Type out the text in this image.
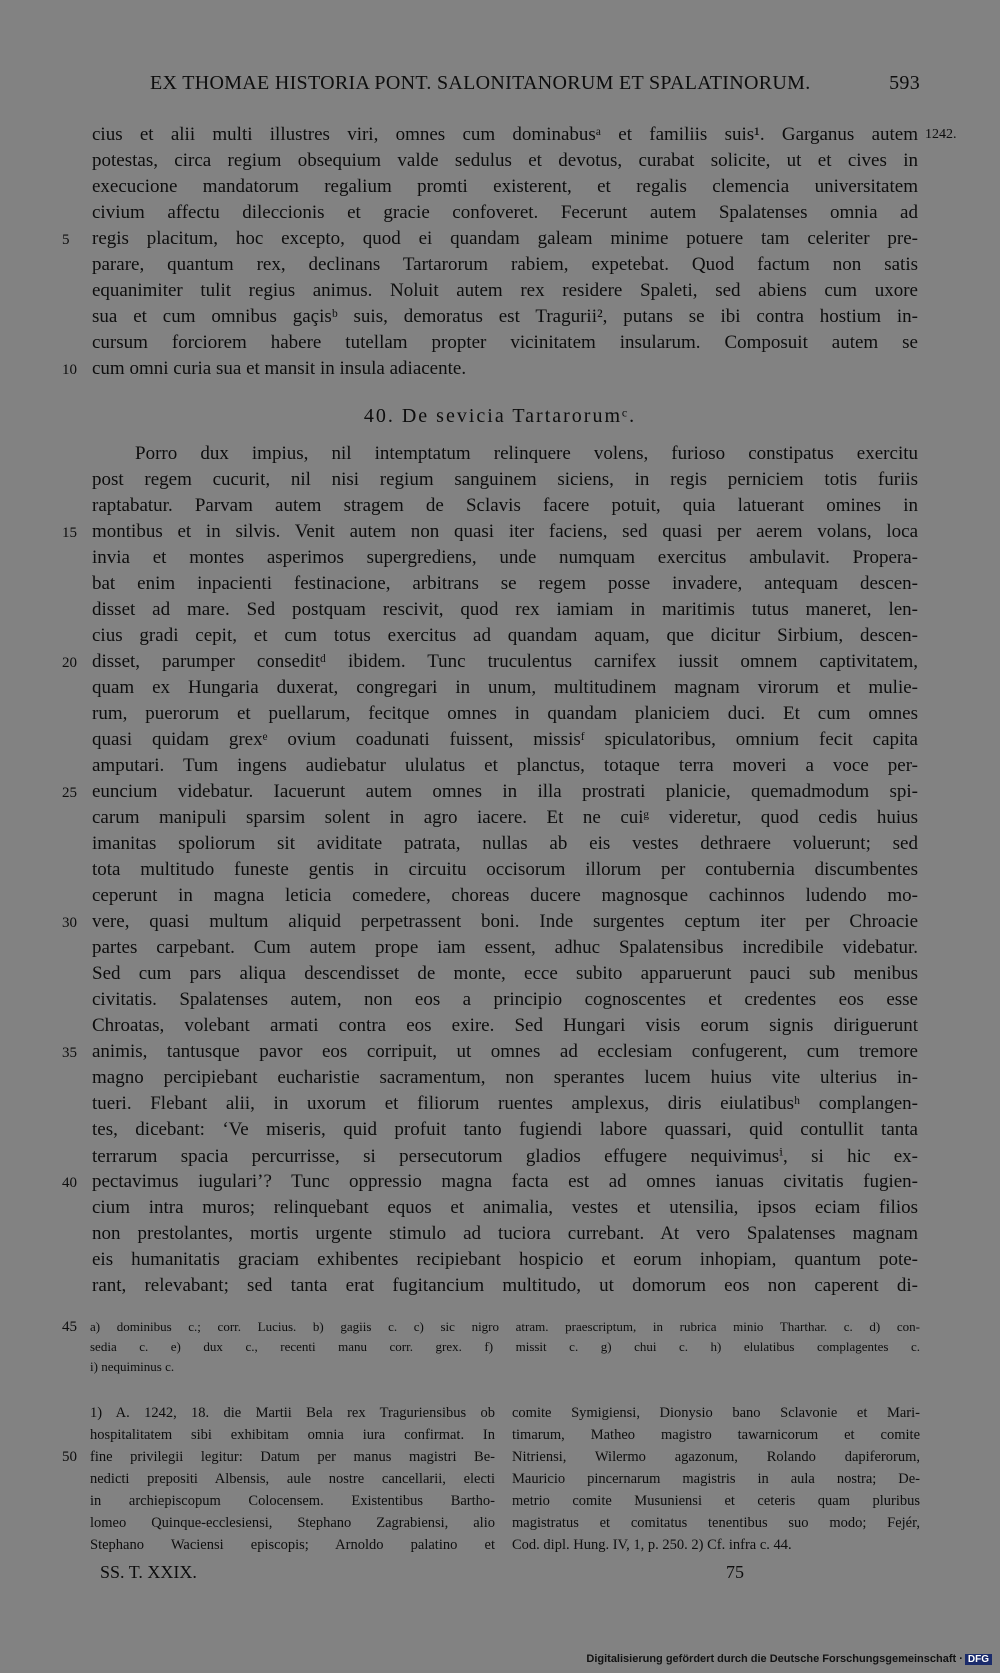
EX THOMAE HISTORIA PONT. SALONITANORUM ET SPALATINORUM.	593
1242.
cius et alii multi illustres viri, omnes cum dominabusᵃ et familiis suis¹. Garganus autem
potestas, circa regium obsequium valde sedulus et devotus, curabat solicite, ut et cives in
execucione mandatorum regalium promti existerent, et regalis clemencia universitatem
civium affectu dileccionis et gracie confoveret. Fecerunt autem Spalatenses omnia ad
regis placitum, hoc excepto, quod ei quandam galeam minime potuere tam celeriter pre-
parare, quantum rex, declinans Tartarorum rabiem, expetebat. Quod factum non satis
equanimiter tulit regius animus. Noluit autem rex residere Spaleti, sed abiens cum uxore
sua et cum omnibus gaçisᵇ suis, demoratus est Tragurii², putans se ibi contra hostium in-
cursum forciorem habere tutellam propter vicinitatem insularum. Composuit autem se
cum omni curia sua et mansit in insula adiacente.
40. De sevicia Tartarorumᶜ.
Porro dux impius, nil intemptatum relinquere volens, furioso constipatus exercitu
post regem cucurit, nil nisi regium sanguinem siciens, in regis perniciem totis furiis
raptabatur. Parvam autem stragem de Sclavis facere potuit, quia latuerant omines in
montibus et in silvis. Venit autem non quasi iter faciens, sed quasi per aerem volans, loca
invia et montes asperimos supergrediens, unde numquam exercitus ambulavit. Propera-
bat enim inpacienti festinacione, arbitrans se regem posse invadere, antequam descen-
disset ad mare. Sed postquam rescivit, quod rex iamiam in maritimis tutus maneret, len-
cius gradi cepit, et cum totus exercitus ad quandam aquam, que dicitur Sirbium, descen-
disset, parumper conseditᵈ ibidem. Tunc truculentus carnifex iussit omnem captivitatem,
quam ex Hungaria duxerat, congregari in unum, multitudinem magnam virorum et mulie-
rum, puerorum et puellarum, fecitque omnes in quandam planiciem duci. Et cum omnes
quasi quidam grexᵉ ovium coadunati fuissent, missisᶠ spiculatoribus, omnium fecit capita
amputari. Tum ingens audiebatur ululatus et planctus, totaque terra moveri a voce per-
euncium videbatur. Iacuerunt autem omnes in illa prostrati planicie, quemadmodum spi-
carum manipuli sparsim solent in agro iacere. Et ne cuiᵍ videretur, quod cedis huius
imanitas spoliorum sit aviditate patrata, nullas ab eis vestes dethraere voluerunt; sed
tota multitudo funeste gentis in circuitu occisorum illorum per contubernia discumbentes
ceperunt in magna leticia comedere, choreas ducere magnosque cachinnos ludendo mo-
vere, quasi multum aliquid perpetrassent boni. Inde surgentes ceptum iter per Chroacie
partes carpebant. Cum autem prope iam essent, adhuc Spalatensibus incredibile videbatur.
Sed cum pars aliqua descendisset de monte, ecce subito apparuerunt pauci sub menibus
civitatis. Spalatenses autem, non eos a principio cognoscentes et credentes eos esse
Chroatas, volebant armati contra eos exire. Sed Hungari visis eorum signis diriguerunt
animis, tantusque pavor eos corripuit, ut omnes ad ecclesiam confugerent, cum tremore
magno percipiebant eucharistie sacramentum, non sperantes lucem huius vite ulterius in-
tueri. Flebant alii, in uxorum et filiorum ruentes amplexus, diris eiulatibusʰ complangen-
tes, dicebant: ‘Ve miseris, quid profuit tanto fugiendi labore quassari, quid contullit tanta
terrarum spacia percurrisse, si persecutorum gladios effugere nequivimusⁱ, si hic ex-
pectavimus iugulari’? Tunc oppressio magna facta est ad omnes ianuas civitatis fugien-
cium intra muros; relinquebant equos et animalia, vestes et utensilia, ipsos eciam filios
non prestolantes, mortis urgente stimulo ad tuciora currebant. At vero Spalatenses magnam
eis humanitatis graciam exhibentes recipiebant hospicio et eorum inhopiam, quantum pote-
rant, relevabant; sed tanta erat fugitancium multitudo, ut domorum eos non caperent di-
5
10
15
20
25
30
35
40
45
50
a) dominibus c.; corr. Lucius. b) gagiis c. c) sic nigro atram. praescriptum, in rubrica minio Tharthar. c. d) con-
sedia c. e) dux c., recenti manu corr. grex. f) missit c. g) chui c. h) elulatibus complagentes c.
i) nequiminus c.
1) A. 1242, 18. die Martii Bela rex Traguriensibus ob
hospitalitatem sibi exhibitam omnia iura confirmat. In
fine privilegii legitur: Datum per manus magistri Be-
nedicti prepositi Albensis, aule nostre cancellarii, electi
in archiepiscopum Colocensem. Existentibus Bartho-
lomeo Quinque-ecclesiensi, Stephano Zagrabiensi, alio
Stephano Waciensi episcopis; Arnoldo palatino et
comite Symigiensi, Dionysio bano Sclavonie et Mari-
timarum, Matheo magistro tawarnicorum et comite
Nitriensi, Wilermo agazonum, Rolando dapiferorum,
Mauricio pincernarum magistris in aula nostra; De-
metrio comite Musuniensi et ceteris quam pluribus
magistratus et comitatus tenentibus suo modo; Fejér,
Cod. dipl. Hung. IV, 1, p. 250. 2) Cf. infra c. 44.
SS. T. XXIX.	75
Digitalisierung gefördert durch die Deutsche Forschungsgemeinschaft · DFG
